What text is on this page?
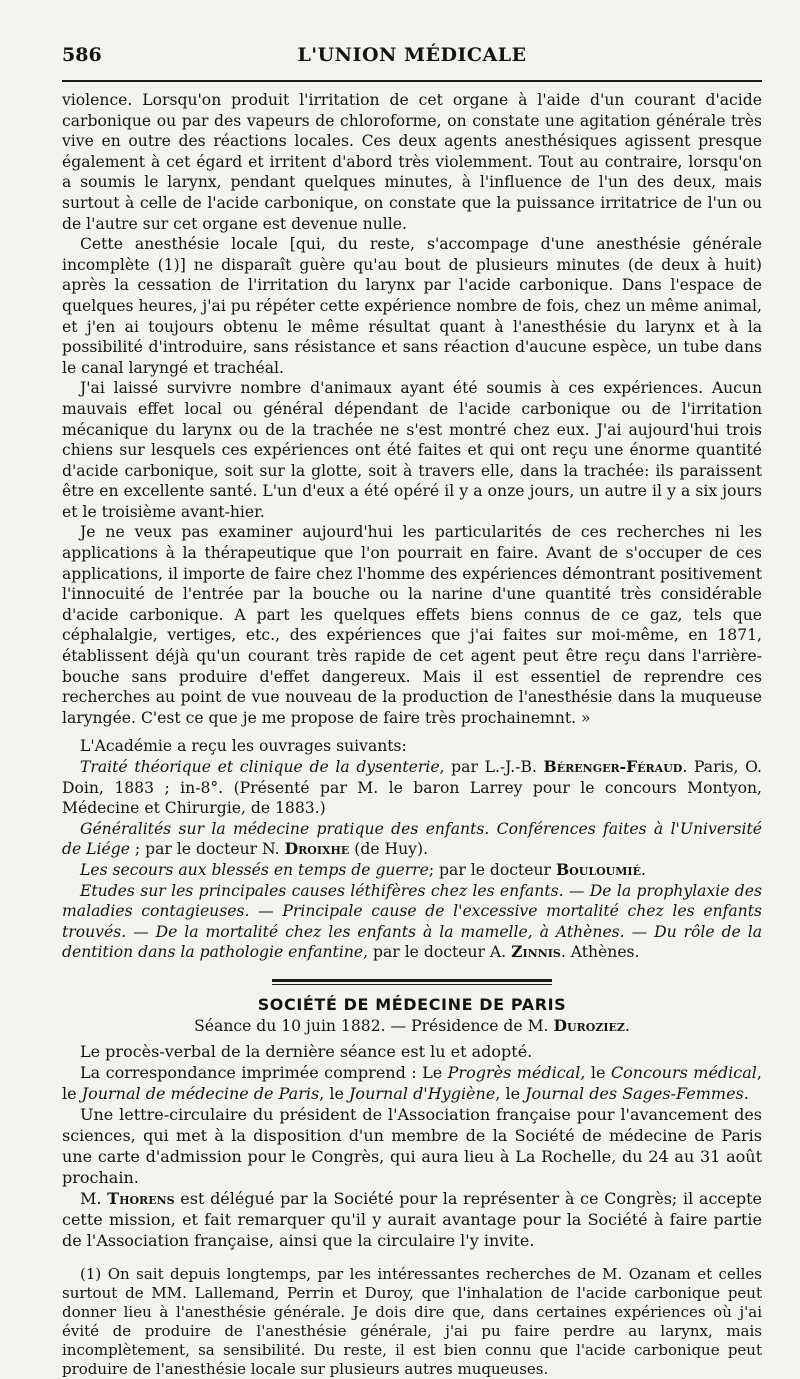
586	L'UNION MÉDICALE

violence. Lorsqu'on produit l'irritation de cet organe à l'aide d'un courant d'acide carbonique ou par des vapeurs de chloroforme, on constate une agitation générale très vive en outre des réactions locales. Ces deux agents anesthésiques agissent presque également à cet égard et irritent d'abord très violemment. Tout au contraire, lorsqu'on a soumis le larynx, pendant quelques minutes, à l'influence de l'un des deux, mais surtout à celle de l'acide carbonique, on constate que la puissance irritatrice de l'un ou de l'autre sur cet organe est devenue nulle.

Cette anesthésie locale [qui, du reste, s'accompage d'une anesthésie générale incomplète (1)] ne disparaît guère qu'au bout de plusieurs minutes (de deux à huit) après la cessation de l'irritation du larynx par l'acide carbonique. Dans l'espace de quelques heures, j'ai pu répéter cette expérience nombre de fois, chez un même animal, et j'en ai toujours obtenu le même résultat quant à l'anesthésie du larynx et à la possibilité d'introduire, sans résistance et sans réaction d'aucune espèce, un tube dans le canal laryngé et trachéal.

J'ai laissé survivre nombre d'animaux ayant été soumis à ces expériences. Aucun mauvais effet local ou général dépendant de l'acide carbonique ou de l'irritation mécanique du larynx ou de la trachée ne s'est montré chez eux. J'ai aujourd'hui trois chiens sur lesquels ces expériences ont été faites et qui ont reçu une énorme quantité d'acide carbonique, soit sur la glotte, soit à travers elle, dans la trachée: ils paraissent être en excellente santé. L'un d'eux a été opéré il y a onze jours, un autre il y a six jours et le troisième avant-hier.

Je ne veux pas examiner aujourd'hui les particularités de ces recherches ni les applications à la thérapeutique que l'on pourrait en faire. Avant de s'occuper de ces applications, il importe de faire chez l'homme des expériences démontrant positivement l'innocuité de l'entrée par la bouche ou la narine d'une quantité très considérable d'acide carbonique. A part les quelques effets biens connus de ce gaz, tels que céphalalgie, vertiges, etc., des expériences que j'ai faites sur moi-même, en 1871, établissent déjà qu'un courant très rapide de cet agent peut être reçu dans l'arrière-bouche sans produire d'effet dangereux. Mais il est essentiel de reprendre ces recherches au point de vue nouveau de la production de l'anesthésie dans la muqueuse laryngée. C'est ce que je me propose de faire très prochainemnt. »

L'Académie a reçu les ouvrages suivants:

Traité théorique et clinique de la dysenterie, par L.-J.-B. Bérenger-Féraud. Paris, O. Doin, 1883 ; in-8°. (Présenté par M. le baron Larrey pour le concours Montyon, Médecine et Chirurgie, de 1883.)

Généralités sur la médecine pratique des enfants. Conférences faites à l'Université de Liége ; par le docteur N. Droixhe (de Huy).

Les secours aux blessés en temps de guerre; par le docteur Bouloumié.

Etudes sur les principales causes léthifères chez les enfants. — De la prophylaxie des maladies contagieuses. — Principale cause de l'excessive mortalité chez les enfants trouvés. — De la mortalité chez les enfants à la mamelle, à Athènes. — Du rôle de la dentition dans la pathologie enfantine, par le docteur A. Zinnis. Athènes.

SOCIÉTÉ DE MÉDECINE DE PARIS
Séance du 10 juin 1882. — Présidence de M. Duroziez.

Le procès-verbal de la dernière séance est lu et adopté.

La correspondance imprimée comprend : Le Progrès médical, le Concours médical, le Journal de médecine de Paris, le Journal d'Hygiène, le Journal des Sages-Femmes.

Une lettre-circulaire du président de l'Association française pour l'avancement des sciences, qui met à la disposition d'un membre de la Société de médecine de Paris une carte d'admission pour le Congrès, qui aura lieu à La Rochelle, du 24 au 31 août prochain.

M. Thorens est délégué par la Société pour la représenter à ce Congrès; il accepte cette mission, et fait remarquer qu'il y aurait avantage pour la Société à faire partie de l'Association française, ainsi que la circulaire l'y invite.

(1) On sait depuis longtemps, par les intéressantes recherches de M. Ozanam et celles surtout de MM. Lallemand, Perrin et Duroy, que l'inhalation de l'acide carbonique peut donner lieu à l'anesthésie générale. Je dois dire que, dans certaines expériences où j'ai évité de produire de l'anesthésie générale, j'ai pu faire perdre au larynx, mais incomplètement, sa sensibilité. Du reste, il est bien connu que l'acide carbonique peut produire de l'anesthésie locale sur plusieurs autres muqueuses.
